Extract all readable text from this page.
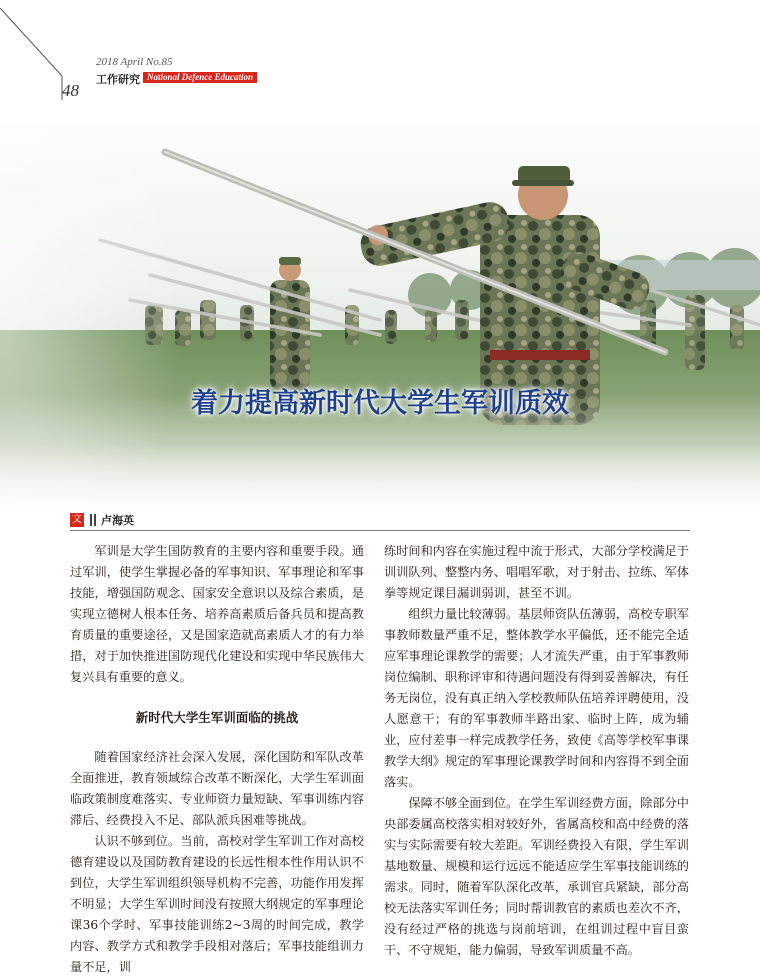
2018 April No.85
工作研究 National Defence Education
48
着力提高新时代大学生军训质效
文 卢海英

军训是大学生国防教育的主要内容和重要手段。通过军训，使学生掌握必备的军事知识、军事理论和军事技能，增强国防观念、国家安全意识以及综合素质，是实现立德树人根本任务、培养高素质后备兵员和提高教育质量的重要途径，又是国家造就高素质人才的有力举措，对于加快推进国防现代化建设和实现中华民族伟大复兴具有重要的意义。

新时代大学生军训面临的挑战

随着国家经济社会深入发展，深化国防和军队改革全面推进，教育领域综合改革不断深化，大学生军训面临政策制度难落实、专业师资力量短缺、军事训练内容滞后、经费投入不足、部队派兵困难等挑战。

认识不够到位。当前，高校对学生军训工作对高校德育建设以及国防教育建设的长远性根本性作用认识不到位，大学生军训组织领导机构不完善，功能作用发挥不明显；大学生军训时间没有按照大纲规定的军事理论课36个学时、军事技能训练2~3周的时间完成，教学内容、教学方式和教学手段相对落后；军事技能组训力量不足，训

练时间和内容在实施过程中流于形式，大部分学校满足于训训队列、整整内务、唱唱军歌，对于射击、拉练、军体拳等规定课目漏训弱训，甚至不训。

组织力量比较薄弱。基层师资队伍薄弱，高校专职军事教师数量严重不足，整体教学水平偏低，还不能完全适应军事理论课教学的需要；人才流失严重，由于军事教师岗位编制、职称评审和待遇问题没有得到妥善解决，有任务无岗位，没有真正纳入学校教师队伍培养评聘使用，没人愿意干；有的军事教师半路出家、临时上阵，成为辅业，应付差事一样完成教学任务，致使《高等学校军事课教学大纲》规定的军事理论课教学时间和内容得不到全面落实。

保障不够全面到位。在学生军训经费方面，除部分中央部委属高校落实相对较好外，省属高校和高中经费的落实与实际需要有较大差距。军训经费投入有限，学生军训基地数量、规模和运行远远不能适应学生军事技能训练的需求。同时，随着军队深化改革，承训官兵紧缺，部分高校无法落实军训任务；同时帮训教官的素质也差次不齐，没有经过严格的挑选与岗前培训，在组训过程中盲目蛮干、不守规矩，能力偏弱，导致军训质量不高。
